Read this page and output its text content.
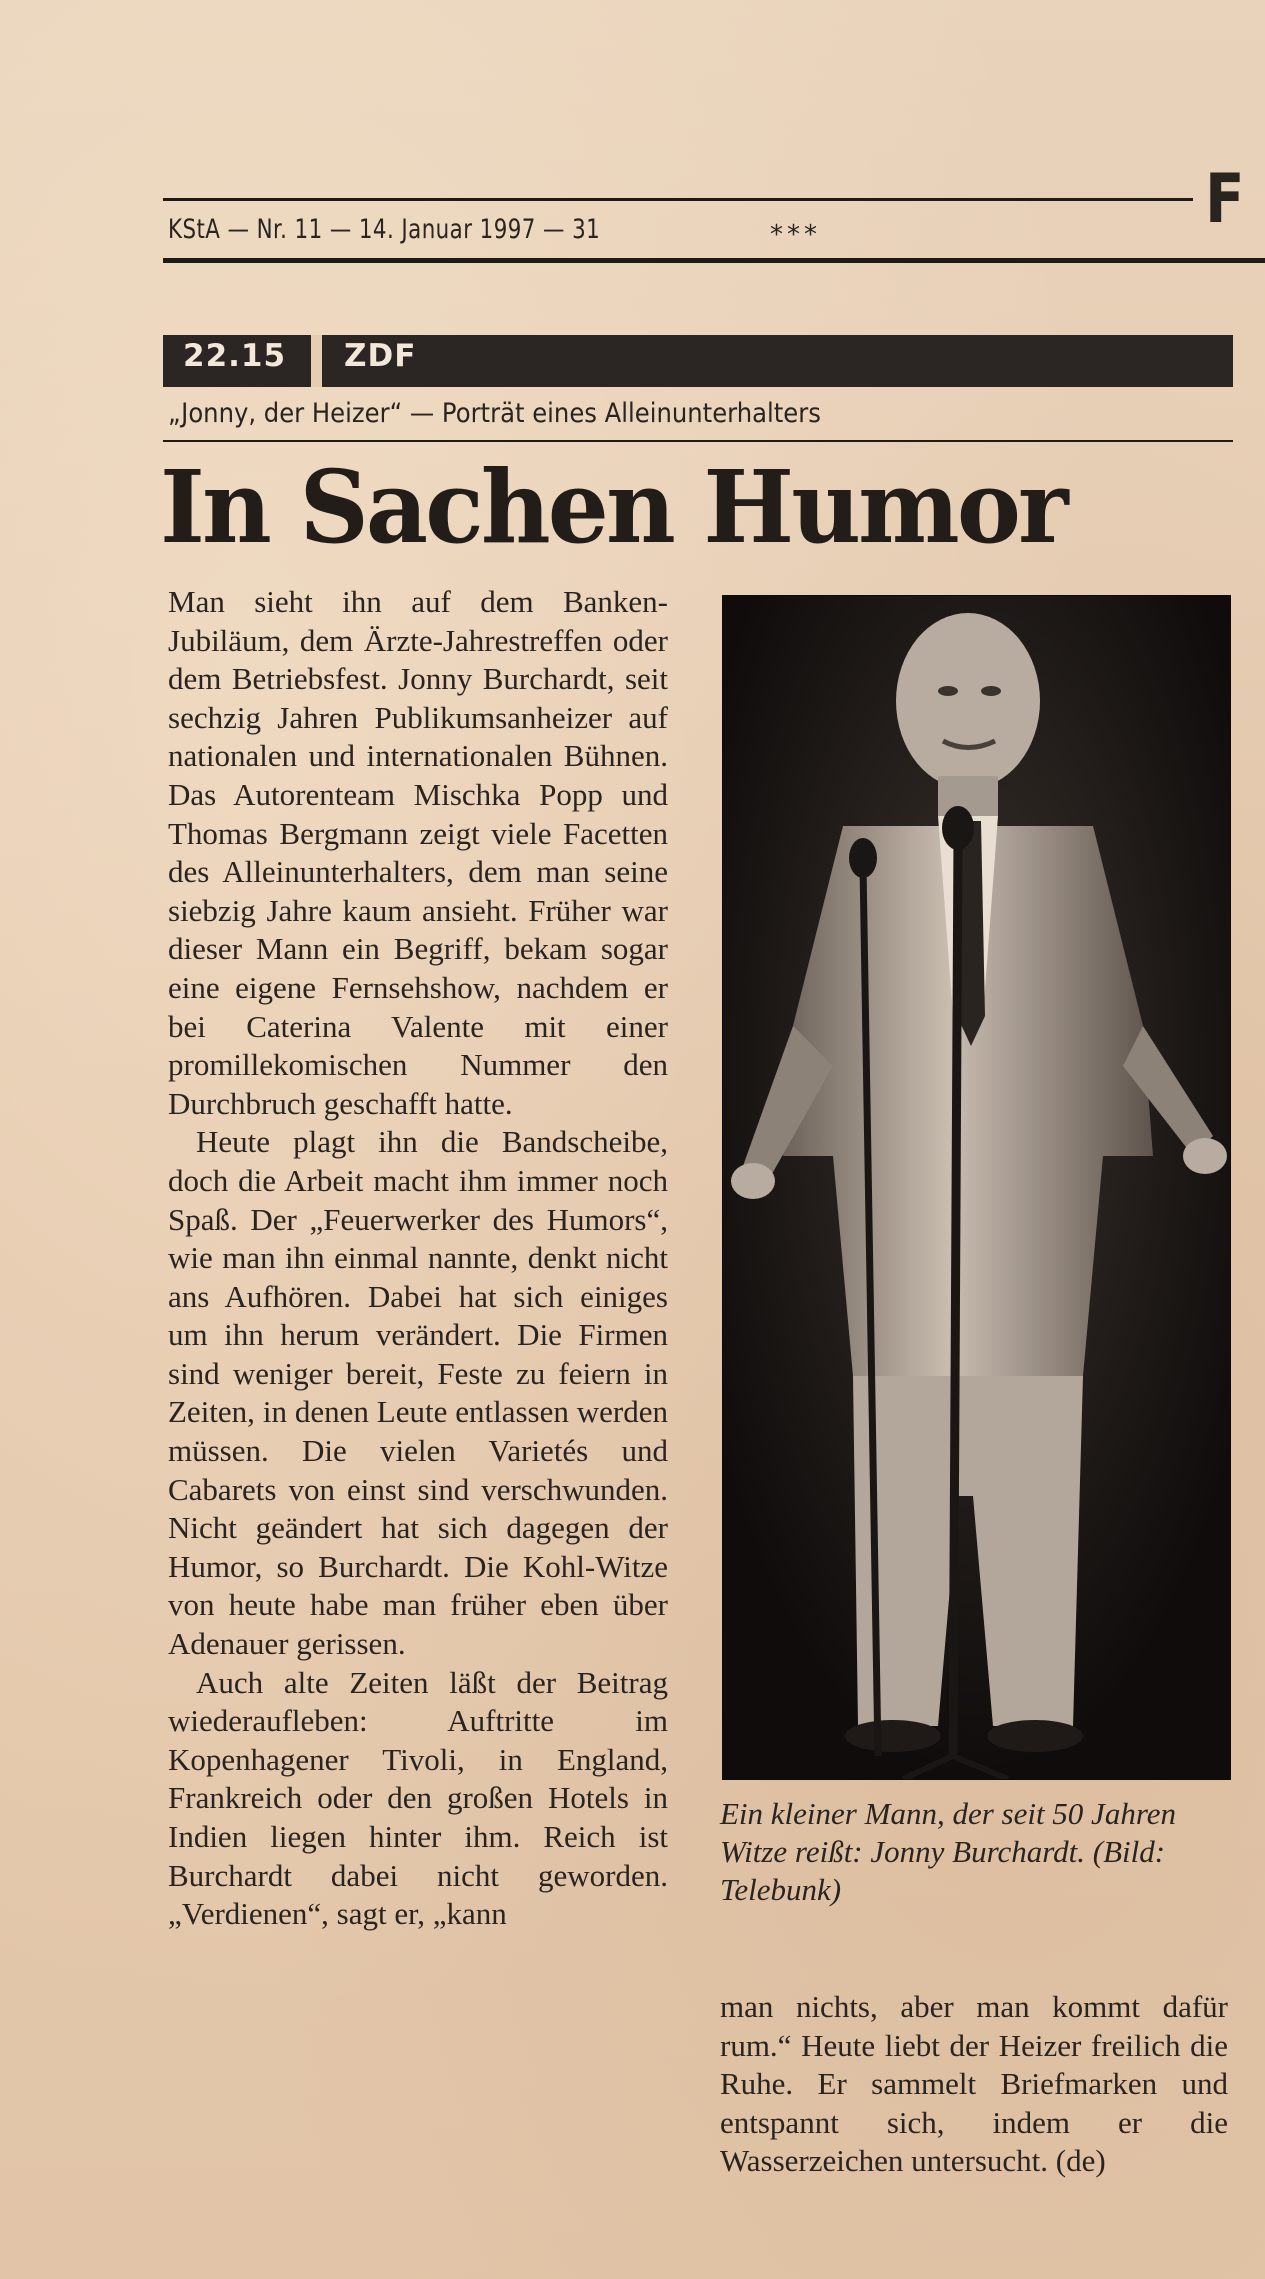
KStA — Nr. 11 — 14. Januar 1997 — 31	***	F
22.15 ZDF
„Jonny, der Heizer“ — Porträt eines Alleinunterhalters
In Sachen Humor

Man sieht ihn auf dem Banken-Jubiläum, dem Ärzte-Jahrestreffen oder dem Betriebsfest. Jonny Burchardt, seit sechzig Jahren Publikumsanheizer auf nationalen und internationalen Bühnen. Das Autorenteam Mischka Popp und Thomas Bergmann zeigt viele Facetten des Alleinunterhalters, dem man seine siebzig Jahre kaum ansieht. Früher war dieser Mann ein Begriff, bekam sogar eine eigene Fernsehshow, nachdem er bei Caterina Valente mit einer promillekomischen Nummer den Durchbruch geschafft hatte.

Heute plagt ihn die Bandscheibe, doch die Arbeit macht ihm immer noch Spaß. Der „Feuerwerker des Humors“, wie man ihn einmal nannte, denkt nicht ans Aufhören. Dabei hat sich einiges um ihn herum verändert. Die Firmen sind weniger bereit, Feste zu feiern in Zeiten, in denen Leute entlassen werden müssen. Die vielen Varietés und Cabarets von einst sind verschwunden. Nicht geändert hat sich dagegen der Humor, so Burchardt. Die Kohl-Witze von heute habe man früher eben über Adenauer gerissen.

Auch alte Zeiten läßt der Beitrag wiederaufleben: Auftritte im Kopenhagener Tivoli, in England, Frankreich oder den großen Hotels in Indien liegen hinter ihm. Reich ist Burchardt dabei nicht geworden. „Verdienen“, sagt er, „kann

Ein kleiner Mann, der seit 50 Jahren Witze reißt: Jonny Burchardt. (Bild: Telebunk)

man nichts, aber man kommt dafür rum.“ Heute liebt der Heizer freilich die Ruhe. Er sammelt Briefmarken und entspannt sich, indem er die Wasserzeichen untersucht. (de)
